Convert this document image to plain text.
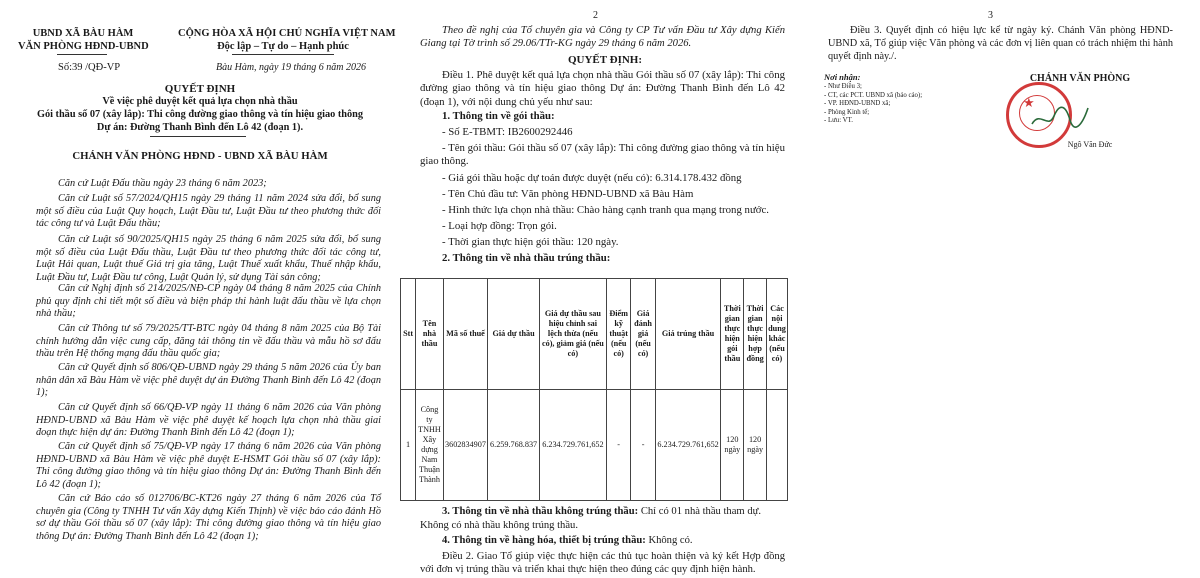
UBND XÃ BÀU HÀM
VĂN PHÒNG HĐND-UBND
Số:39 /QĐ-VP
CỘNG HÒA XÃ HỘI CHỦ NGHĨA VIỆT NAM
Độc lập – Tự do – Hạnh phúc
Bàu Hàm, ngày 19 tháng 6 năm 2026
QUYẾT ĐỊNH
Về việc phê duyệt kết quả lựa chọn nhà thầu
Gói thầu số 07 (xây lắp): Thi công đường giao thông và tín hiệu giao thông
Dự án: Đường Thanh Bình đến Lô 42 (đoạn 1).
CHÁNH VĂN PHÒNG HĐND - UBND XÃ BÀU HÀM
Căn cứ Luật Đấu thầu ngày 23 tháng 6 năm 2023;
Căn cứ Luật số 57/2024/QH15 ngày 29 tháng 11 năm 2024 sửa đổi, bổ sung một số điều của Luật Quy hoạch, Luật Đầu tư, Luật Đầu tư theo phương thức đối tác công tư và Luật Đấu thầu;
Căn cứ Luật số 90/2025/QH15 ngày 25 tháng 6 năm 2025 sửa đổi, bổ sung một số điều của Luật Đấu thầu, Luật Đầu tư theo phương thức đối tác công tư, Luật Hải quan, Luật thuế Giá trị gia tăng, Luật Thuế xuất khẩu, Thuế nhập khẩu, Luật Đầu tư, Luật Đầu tư công, Luật Quản lý, sử dụng Tài sản công;
Căn cứ Nghị định số 214/2025/NĐ-CP ngày 04 tháng 8 năm 2025 của Chính phủ quy định chi tiết một số điều và biện pháp thi hành luật đấu thầu về lựa chọn nhà thầu;
Căn cứ Thông tư số 79/2025/TT-BTC ngày 04 tháng 8 năm 2025 của Bộ Tài chính hướng dẫn việc cung cấp, đăng tải thông tin về đấu thầu và mẫu hồ sơ đấu thầu trên Hệ thống mạng đấu thầu quốc gia;
Căn cứ Quyết định số 806/QĐ-UBND ngày 29 tháng 5 năm 2026 của Ủy ban nhân dân xã Bàu Hàm về việc phê duyệt dự án Đường Thanh Bình đến Lô 42 (đoạn 1);
Căn cứ Quyết định số 66/QĐ-VP ngày 11 tháng 6 năm 2026 của Văn phòng HĐND-UBND xã Bàu Hàm về việc phê duyệt kế hoạch lựa chọn nhà thầu giai đoạn thực hiện dự án: Đường Thanh Bình đến Lô 42 (đoạn 1);
Căn cứ Quyết định số 75/QĐ-VP ngày 17 tháng 6 năm 2026 của Văn phòng HĐND-UBND xã Bàu Hàm về việc phê duyệt E-HSMT Gói thầu số 07 (xây lắp): Thi công đường giao thông và tín hiệu giao thông Dự án: Đường Thanh Bình đến Lô 42 (đoạn 1);
Căn cứ Báo cáo số 012706/BC-KT26 ngày 27 tháng 6 năm 2026 của Tổ chuyên gia (Công ty TNHH Tư vấn Xây dựng Kiến Thịnh) về việc báo cáo đánh Hồ sơ dự thầu Gói thầu số 07 (xây lắp): Thi công đường giao thông và tín hiệu giao thông Dự án: Đường Thanh Bình đến Lô 42 (đoạn 1);
2
Theo đề nghị của Tổ chuyên gia và Công ty CP Tư vấn Đầu tư Xây dựng Kiến Giang tại Tờ trình số 29.06/TTr-KG ngày 29 tháng 6 năm 2026.
QUYẾT ĐỊNH:
Điều 1. Phê duyệt kết quả lựa chọn nhà thầu Gói thầu số 07 (xây lắp): Thi công đường giao thông và tín hiệu giao thông Dự án: Đường Thanh Bình đến Lô 42 (đoạn 1), với nội dung chủ yếu như sau:
1. Thông tin về gói thầu:
- Số E-TBMT: IB2600292446
- Tên gói thầu: Gói thầu số 07 (xây lắp): Thi công đường giao thông và tín hiệu giao thông.
- Giá gói thầu hoặc dự toán được duyệt (nếu có): 6.314.178.432 đồng
- Tên Chủ đầu tư: Văn phòng HĐND-UBND xã Bàu Hàm
- Hình thức lựa chọn nhà thầu: Chào hàng cạnh tranh qua mạng trong nước.
- Loại hợp đồng: Trọn gói.
- Thời gian thực hiện gói thầu: 120 ngày.
2. Thông tin về nhà thầu trúng thầu:
Stt	Tên nhà thầu	Mã số thuế	Giá dự thầu	Giá dự thầu sau hiệu chỉnh sai lệch thừa (nếu có), giảm giá (nếu có)	Điểm kỹ thuật (nếu có)	Giá đánh giá (nếu có)	Giá trúng thầu	Thời gian thực hiện gói thầu	Thời gian thực hiện hợp đồng	Các nội dung khác (nếu có)
1	Công ty TNHH Xây dựng Nam Thuận Thành	3602834907	6.259.768.837	6.234.729.761,652	-	-	6.234.729.761,652	120 ngày	120 ngày	
3. Thông tin về nhà thầu không trúng thầu: Chỉ có 01 nhà thầu tham dự.
Không có nhà thầu không trúng thầu.
4. Thông tin về hàng hóa, thiết bị trúng thầu: Không có.
Điều 2. Giao Tổ giúp việc thực hiện các thủ tục hoàn thiện và ký kết Hợp đồng với đơn vị trúng thầu và triển khai thực hiện theo đúng các quy định hiện hành.
3
Điều 3. Quyết định có hiệu lực kể từ ngày ký. Chánh Văn phòng HĐND-UBND xã, Tổ giúp việc Văn phòng và các đơn vị liên quan có trách nhiệm thi hành quyết định này./.
Nơi nhận:
- Như Điều 3;
- CT, các PCT. UBND xã (báo cáo);
- VP. HĐND-UBND xã;
- Phòng Kinh tế;
- Lưu: VT.
CHÁNH VĂN PHÒNG
★
Ngô Văn Đức
